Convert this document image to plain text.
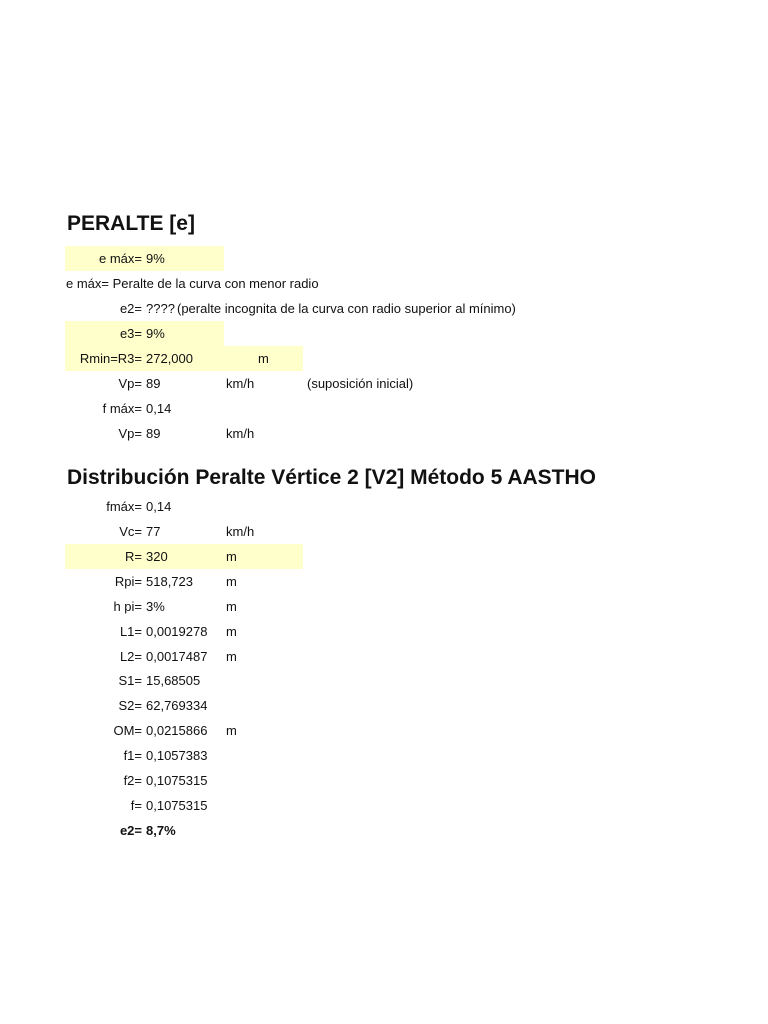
PERALTE [e]
e máx= 9%
e máx= Peralte de la curva con menor radio
e2= ???? (peralte incognita de la curva con radio superior al mínimo)
e3= 9%
Rmin=R3= 272,000	m
Vp= 89	km/h	(suposición inicial)
f máx= 0,14
Vp= 89	km/h
Distribución Peralte Vértice 2 [V2] Método 5 AASTHO
fmáx= 0,14
Vc= 77	km/h
R= 320	m
Rpi= 518,723	m
h pi= 3%	m
L1= 0,0019278 m
L2= 0,0017487 m
S1= 15,68505
S2= 62,769334
OM= 0,0215866 m
f1= 0,1057383
f2= 0,1075315
f= 0,1075315
e2= 8,7%
